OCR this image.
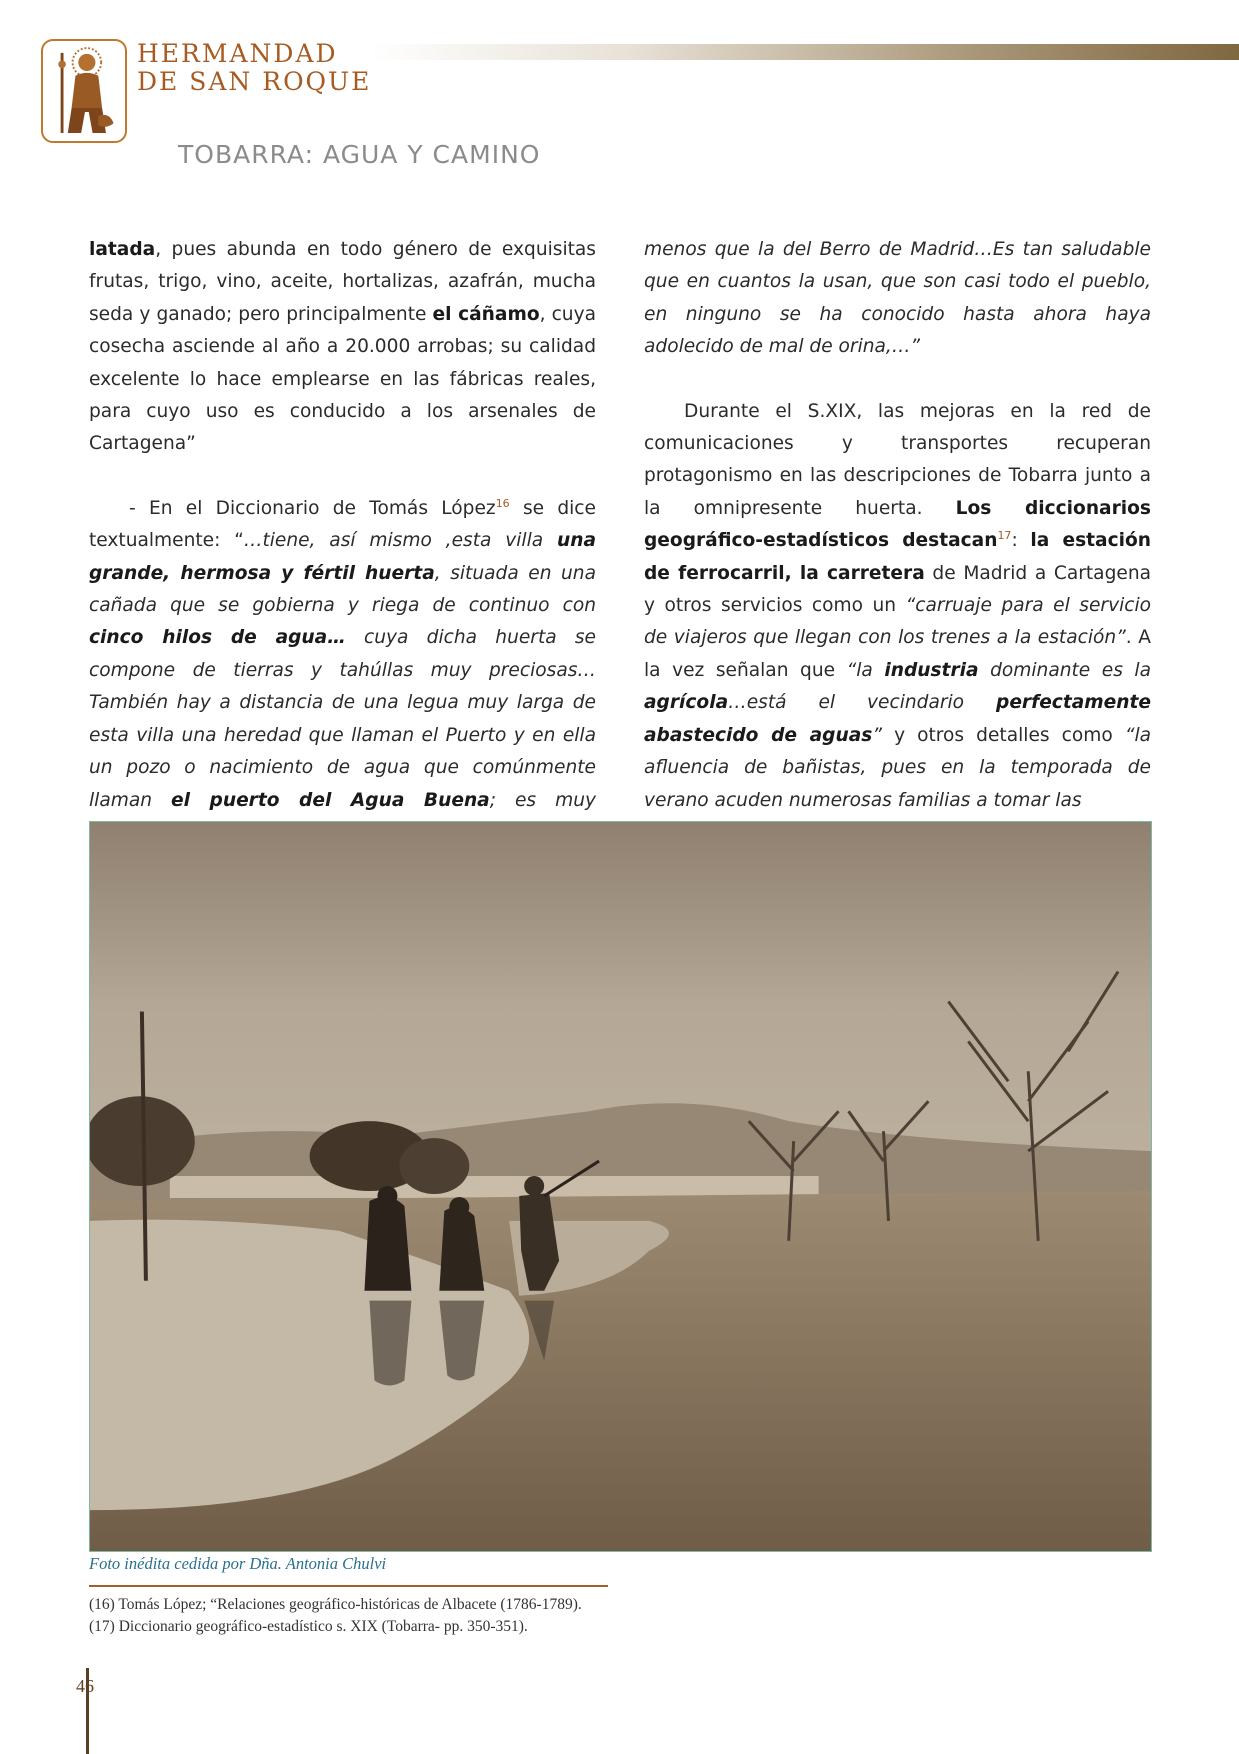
HERMANDAD
DE SAN ROQUE
TOBARRA: AGUA Y CAMINO

latada, pues abunda en todo género de exquisitas frutas, trigo, vino, aceite, hortalizas, azafrán, mucha seda y ganado; pero principalmente el cáñamo, cuya cosecha asciende al año a 20.000 arrobas; su calidad excelente lo hace emplearse en las fábricas reales, para cuyo uso es conducido a los arsenales de Cartagena”

- En el Diccionario de Tomás López$^{16}$ se dice textualmente: “…tiene, así mismo ,esta villa una grande, hermosa y fértil huerta, situada en una cañada que se gobierna y riega de continuo con cinco hilos de agua… cuya dicha huerta se compone de tierras y tahúllas muy preciosas… También hay a distancia de una legua muy larga de esta villa una heredad que llaman el Puerto y en ella un pozo o nacimiento de agua que comúnmente llaman el puerto del Agua Buena; es muy

menos que la del Berro de Madrid…Es tan saludable que en cuantos la usan, que son casi todo el pueblo, en ninguno se ha conocido hasta ahora haya adolecido de mal de orina,…”

Durante el S.XIX, las mejoras en la red de comunicaciones y transportes recuperan protagonismo en las descripciones de Tobarra junto a la omnipresente huerta. Los diccionarios geográfico-estadísticos destacan$^{17}$: la estación de ferrocarril, la carretera de Madrid a Cartagena y otros servicios como un “carruaje para el servicio de viajeros que llegan con los trenes a la estación”. A la vez señalan que “la industria dominante es la agrícola…está el vecindario perfectamente abastecido de aguas” y otros detalles como “la afluencia de bañistas, pues en la temporada de verano acuden numerosas familias a tomar las

Foto inédita cedida por Dña. Antonia Chulvi

(16) Tomás López; “Relaciones geográfico-históricas de Albacete (1786-1789).

(17) Diccionario geográfico-estadístico s. XIX (Tobarra- pp. 350-351).

46
